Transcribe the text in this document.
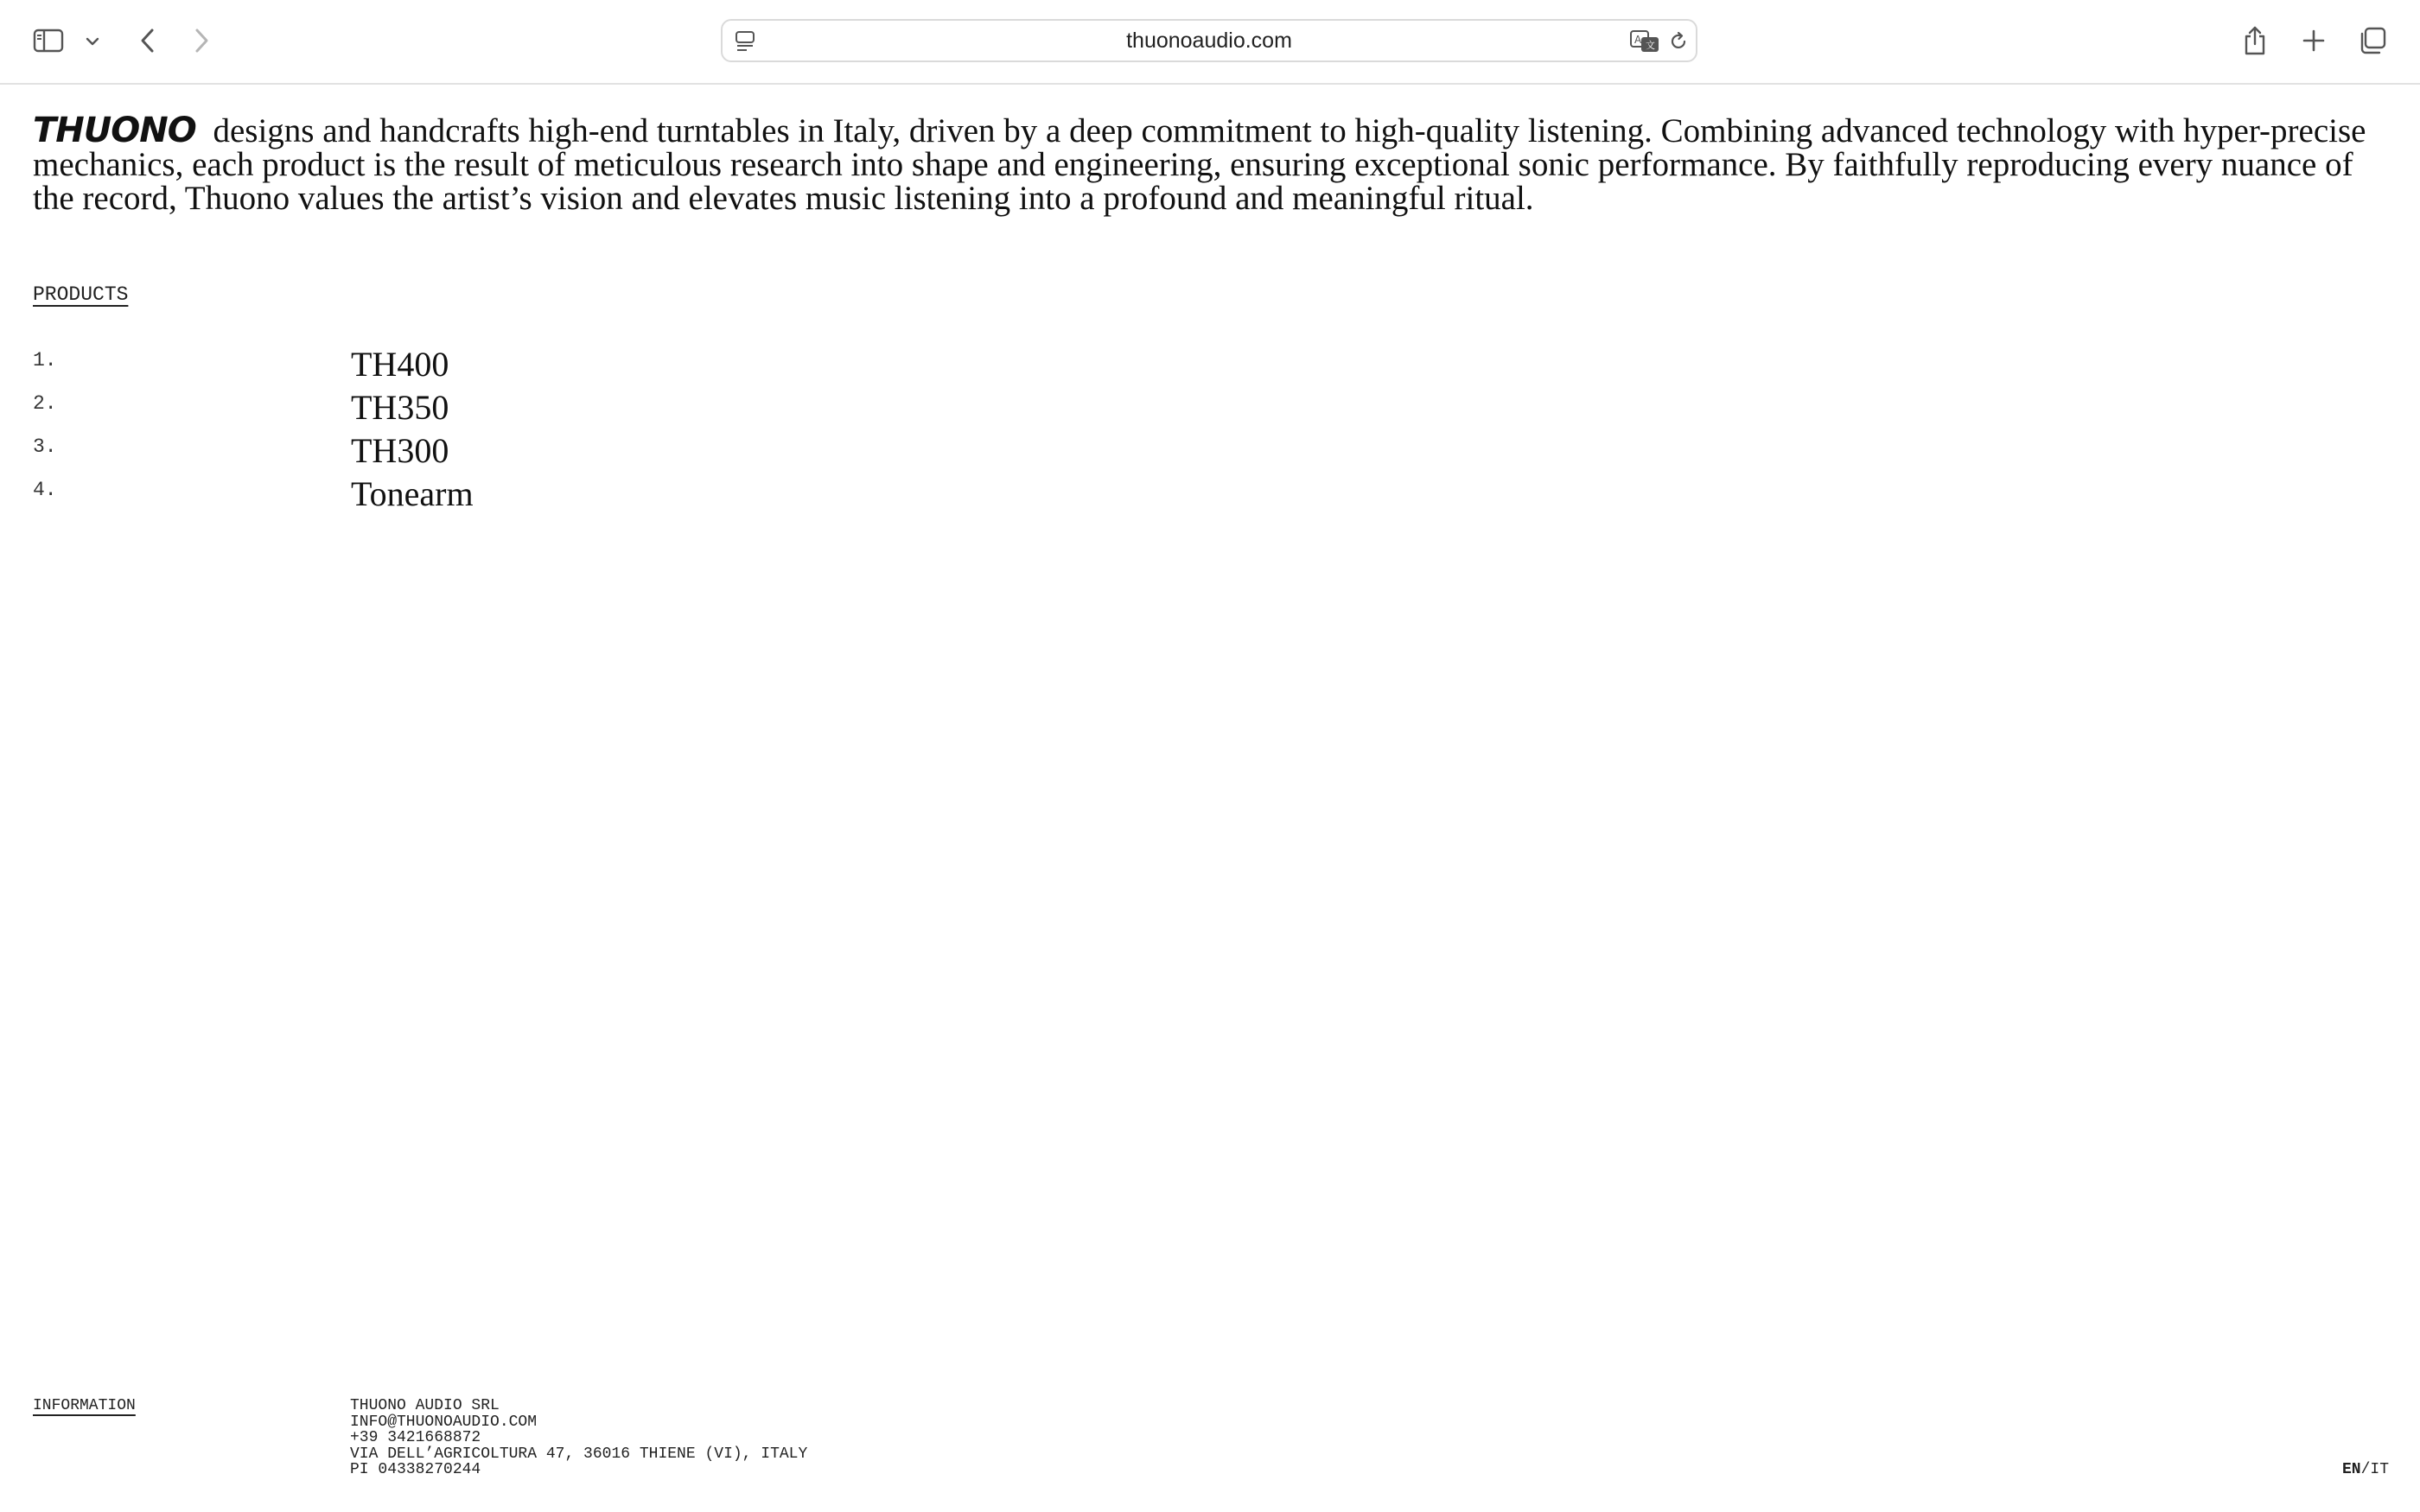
thuonoaudio.com	A 文

THUONO designs and handcrafts high-end turntables in Italy, driven by a deep commitment to high-quality listening. Combining advanced technology with hyper-precise mechanics, each product is the result of meticulous research into shape and engineering, ensuring exceptional sonic performance. By faithfully reproducing every nuance of the record, Thuono values the artist’s vision and elevates music listening into a profound and meaningful ritual.

PRODUCTS
1.	TH400
2.	TH350
3.	TH300
4.	Tonearm
INFORMATION	THUONO AUDIO SRL
INFO@THUONOAUDIO.COM
+39 3421668872
VIA DELL’AGRICOLTURA 47, 36016 THIENE (VI), ITALY
PI 04338270244	EN/IT
